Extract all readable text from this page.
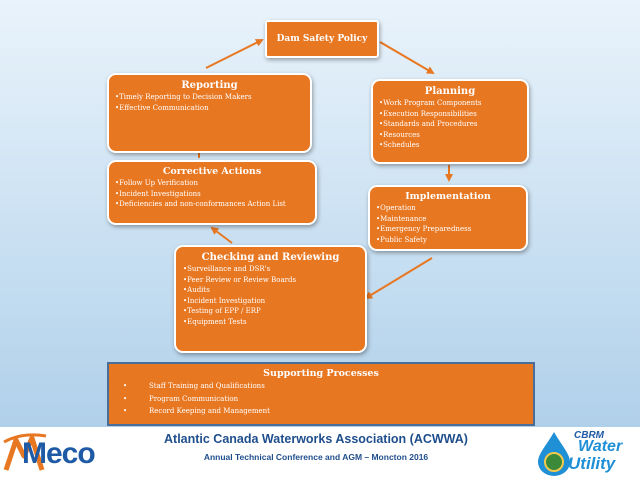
Dam Safety Policy
Reporting
• Timely Reporting to Decision Makers
• Effective Communication
Planning
• Work Program Components
• Execution Responsibilities
• Standards and Procedures
• Resources
• Schedules
Corrective Actions
• Follow Up Verification
• Incident Investigations
• Deficiencies and non-conformances Action List
Implementation
• Operation
• Maintenance
• Emergency Preparedness
• Public Safety
Checking and Reviewing
• Surveillance and DSR's
• Peer Review or Review Boards
• Audits
• Incident Investigation
• Testing of EPP / ERP
• Equipment Tests
Supporting Processes
• Staff Training and Qualifications
• Program Communication
• Record Keeping and Management
Meco	Atlantic Canada Waterworks Association (ACWWA)
Annual Technical Conference and AGM – Moncton 2016
CBRM
Water
Utility
